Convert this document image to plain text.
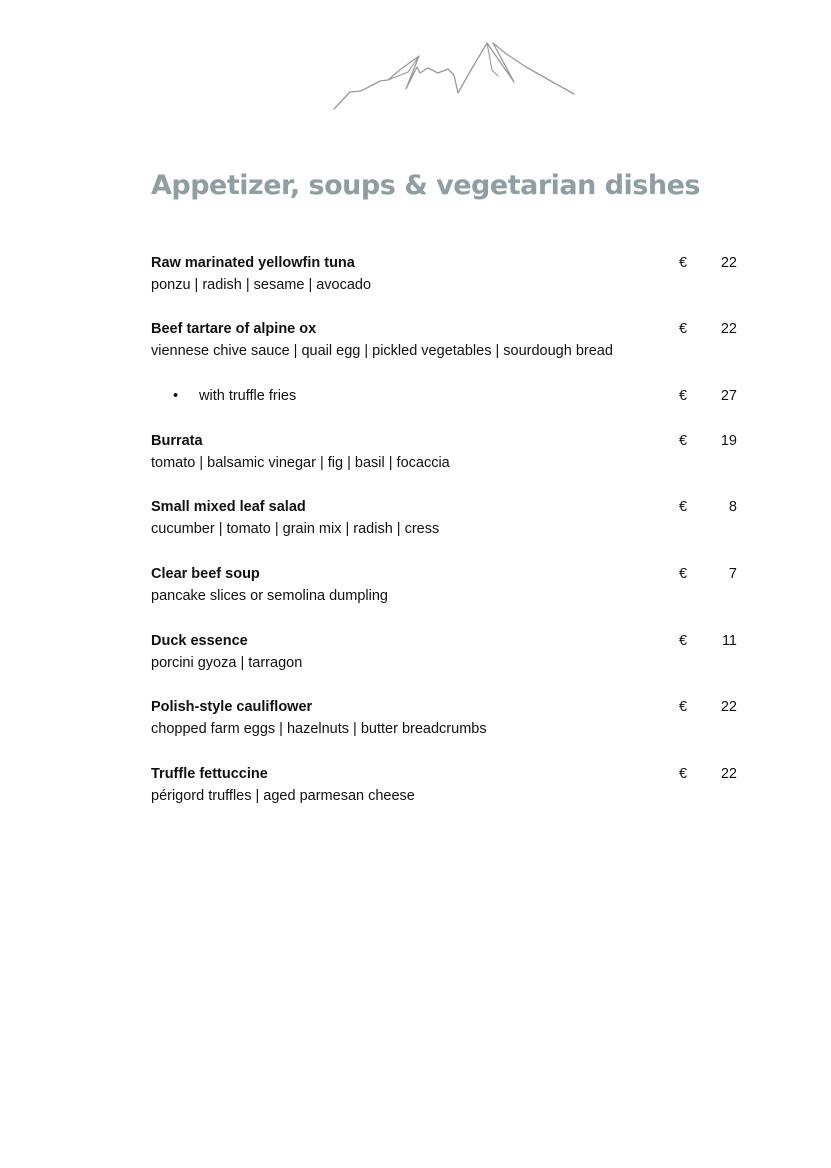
Appetizer, soups & vegetarian dishes
Raw marinated yellowfin tuna
ponzu | radish | sesame | avocado
€	22
Beef tartare of alpine ox
viennese chive sauce | quail egg | pickled vegetables | sourdough bread
€	22
• with truffle fries	€	27
Burrata
tomato | balsamic vinegar | fig | basil | focaccia
€	19
Small mixed leaf salad
cucumber | tomato | grain mix | radish | cress
€	8
Clear beef soup
pancake slices or semolina dumpling
€	7
Duck essence
porcini gyoza | tarragon
€	11
Polish-style cauliflower
chopped farm eggs | hazelnuts | butter breadcrumbs
€	22
Truffle fettuccine
périgord truffles | aged parmesan cheese
€	22
